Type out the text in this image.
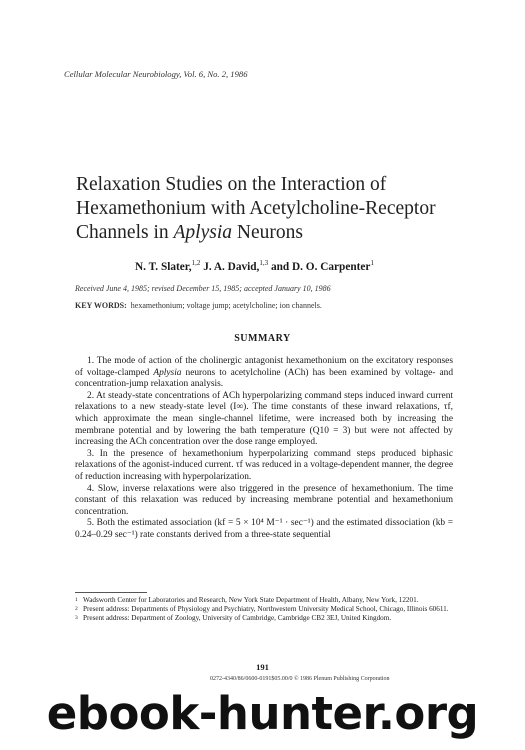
Cellular Molecular Neurobiology, Vol. 6, No. 2, 1986
Relaxation Studies on the Interaction of
Hexamethonium with Acetylcholine-Receptor
Channels in Aplysia Neurons
N. T. Slater,$^{1,2}$ J. A. David,$^{1,3}$ and D. O. Carpenter$^1$
Received June 4, 1985; revised December 15, 1985; accepted January 10, 1986
KEY WORDS: hexamethonium; voltage jump; acetylcholine; ion channels.
SUMMARY

1. The mode of action of the cholinergic antagonist hexamethonium on the excitatory responses of voltage-clamped Aplysia neurons to acetylcholine (ACh) has been examined by voltage- and concentration-jump relaxation analysis.

2. At steady-state concentrations of ACh hyperpolarizing command steps induced inward current relaxations to a new steady-state level (I∞). The time constants of these inward relaxations, τf, which approximate the mean single-channel lifetime, were increased both by increasing the membrane potential and by lowering the bath temperature (Q10 = 3) but were not affected by increasing the ACh concentration over the dose range employed.

3. In the presence of hexamethonium hyperpolarizing command steps produced biphasic relaxations of the agonist-induced current. τf was reduced in a voltage-dependent manner, the degree of reduction increasing with hyperpolarization.

4. Slow, inverse relaxations were also triggered in the presence of hexamethonium. The time constant of this relaxation was reduced by increasing membrane potential and hexamethonium concentration.

5. Both the estimated association (kf = 5 × 10⁴ M⁻¹ · sec⁻¹) and the estimated dissociation (kb = 0.24–0.29 sec⁻¹) rate constants derived from a three-state sequential

1 Wadsworth Center for Laboratories and Research, New York State Department of Health, Albany, New York, 12201.
2 Present address: Departments of Physiology and Psychiatry, Northwestern University Medical School, Chicago, Illinois 60611.
3 Present address: Department of Zoology, University of Cambridge, Cambridge CB2 3EJ, United Kingdom.
191
0272-4340/86/0600-0191$05.00/0 © 1986 Plenum Publishing Corporation
ebook-hunter.org
